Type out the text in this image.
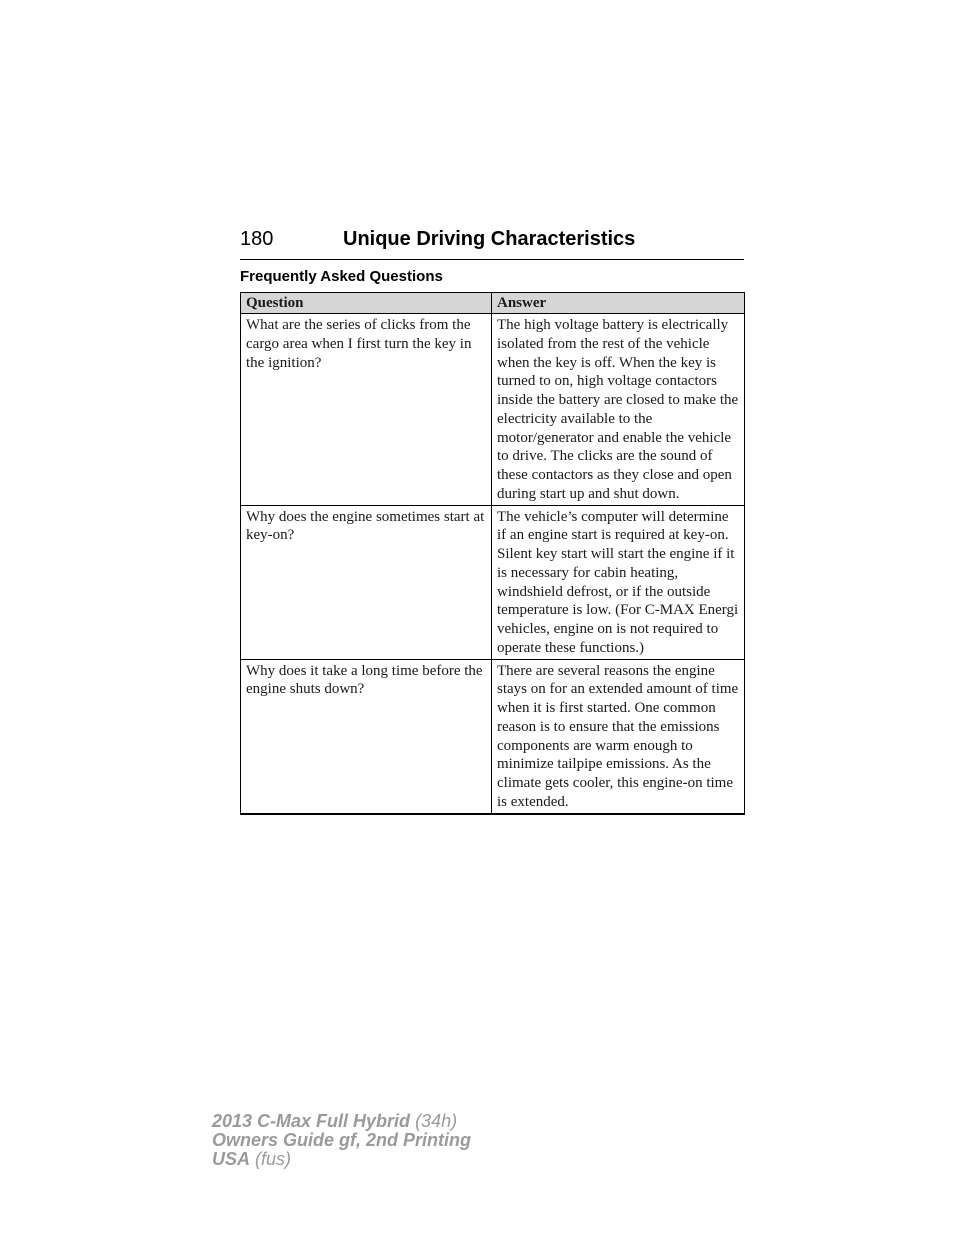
180	Unique Driving Characteristics
Frequently Asked Questions
Question	Answer
What are the series of clicks from the cargo area when I first turn the key in the ignition?	The high voltage battery is electrically isolated from the rest of the vehicle when the key is off. When the key is turned to on, high voltage contactors inside the battery are closed to make the electricity available to the motor/generator and enable the vehicle to drive. The clicks are the sound of these contactors as they close and open during start up and shut down.
Why does the engine sometimes start at key-on?	The vehicle’s computer will determine if an engine start is required at key-on. Silent key start will start the engine if it is necessary for cabin heating, windshield defrost, or if the outside temperature is low. (For C-MAX Energi vehicles, engine on is not required to operate these functions.)
Why does it take a long time before the engine shuts down?	There are several reasons the engine stays on for an extended amount of time when it is first started. One common reason is to ensure that the emissions components are warm enough to minimize tailpipe emissions. As the climate gets cooler, this engine-on time is extended.
2013 C-Max Full Hybrid (34h)
Owners Guide gf, 2nd Printing
USA (fus)
